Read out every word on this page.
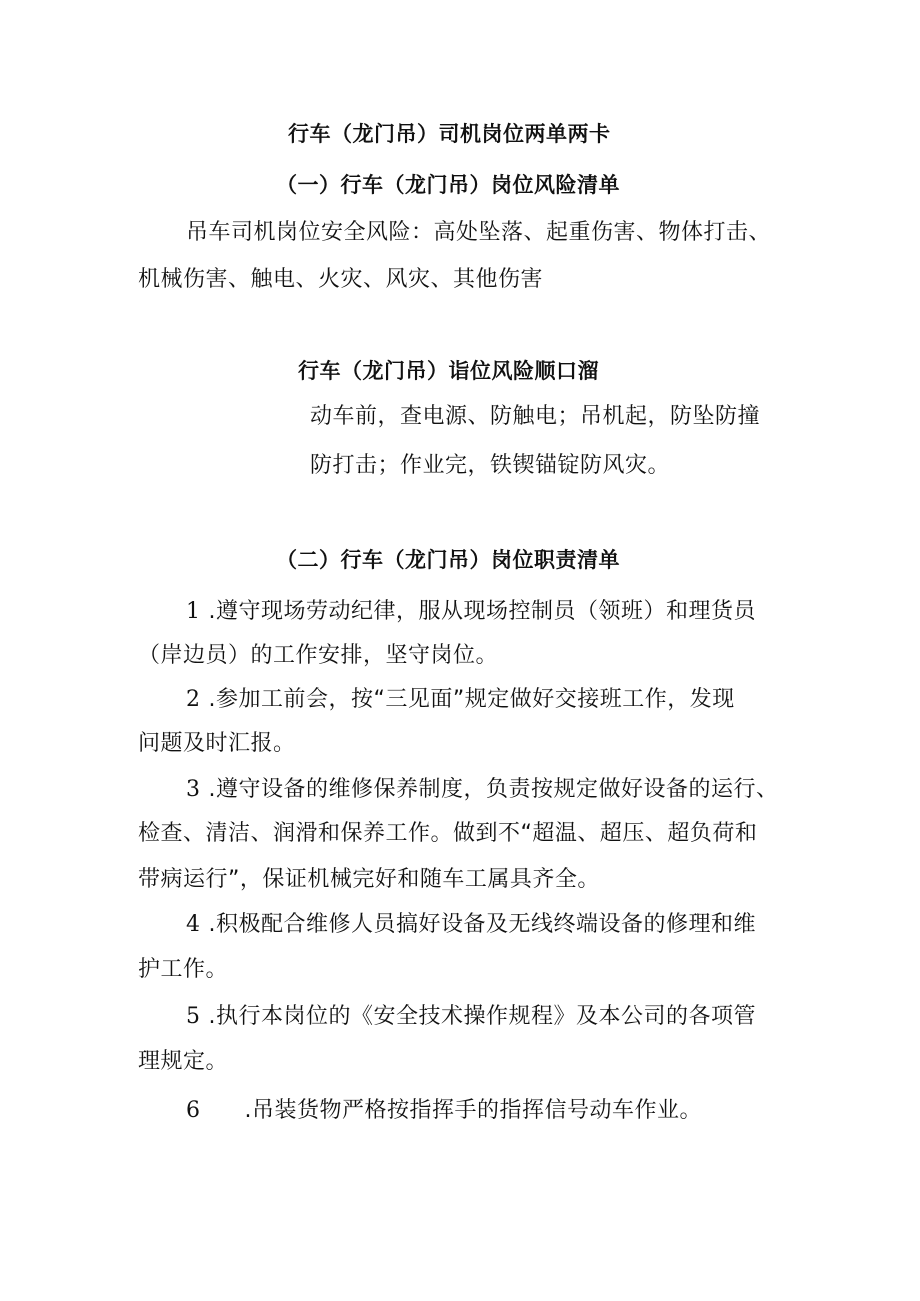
行车（龙门吊）司机岗位两单两卡
（一）行车（龙门吊）岗位风险清单
吊车司机岗位安全风险：高处坠落、起重伤害、物体打击、
机械伤害、触电、火灾、风灾、其他伤害
行车（龙门吊）诣位风险顺口溜
动车前，查电源、防触电；吊机起，防坠防撞
防打击；作业完，铁锲锚锭防风灾。
（二）行车（龙门吊）岗位职责清单
1 .遵守现场劳动纪律，服从现场控制员（领班）和理货员
（岸边员）的工作安排，坚守岗位。
2 .参加工前会，按“三见面”规定做好交接班工作，发现
问题及时汇报。
3 .遵守设备的维修保养制度，负责按规定做好设备的运行、
检查、清洁、润滑和保养工作。做到不“超温、超压、超负荷和
带病运行”，保证机械完好和随车工属具齐全。
4 .积极配合维修人员搞好设备及无线终端设备的修理和维
护工作。
5 .执行本岗位的《安全技术操作规程》及本公司的各项管
理规定。
6 .吊装货物严格按指挥手的指挥信号动车作业。
